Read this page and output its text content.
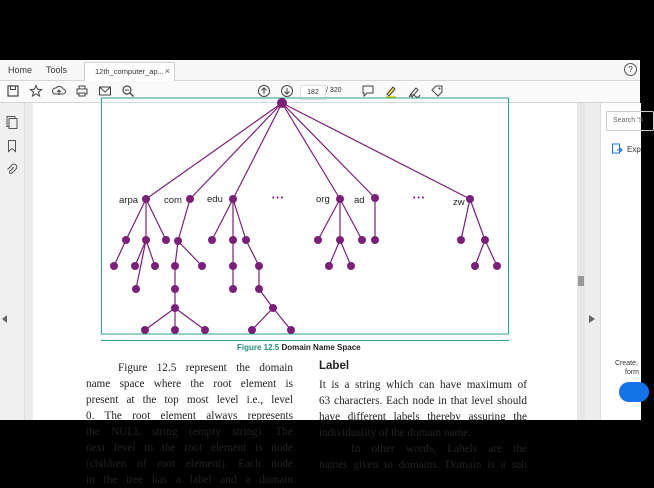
Home Tools	12th_computer_ap... ×	?
182	/ 320
arpa	com	edu	org	ad	zw
• • •	• • •
Figure 12.5 Domain Name Space
Figure 12.5 represent the domain
name space where the root element is
present at the top most level i.e., level
0. The root element always represents
the NULL string (empty string). The
next level to the root element is node
(children of root element). Each node
in the tree has a label and a domain
Label
It is a string which can have maximum of
63 characters. Each node in that level should
have different labels thereby assuring the
individuality of the domain name.
In other words, Labels are the
names given to domains. Domain is a sub
Search 'S
Exp
Create,
form
